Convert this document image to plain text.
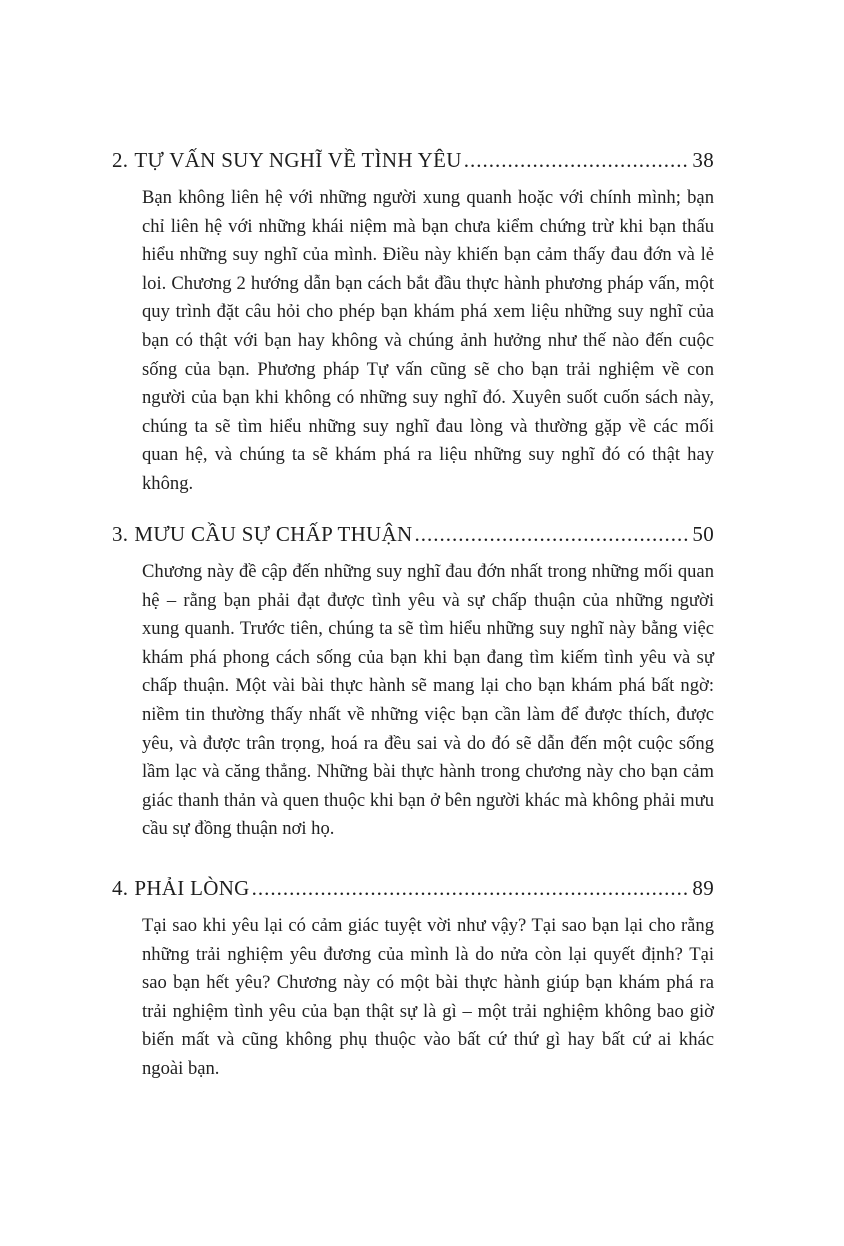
2. TỰ VẤN SUY NGHĨ VỀ TÌNH YÊU .....	38

Bạn không liên hệ với những người xung quanh hoặc với chính mình; bạn chỉ liên hệ với những khái niệm mà bạn chưa kiểm chứng trừ khi bạn thấu hiểu những suy nghĩ của mình. Điều này khiến bạn cảm thấy đau đớn và lẻ loi. Chương 2 hướng dẫn bạn cách bắt đầu thực hành phương pháp vấn, một quy trình đặt câu hỏi cho phép bạn khám phá xem liệu những suy nghĩ của bạn có thật với bạn hay không và chúng ảnh hưởng như thế nào đến cuộc sống của bạn. Phương pháp Tự vấn cũng sẽ cho bạn trải nghiệm về con người của bạn khi không có những suy nghĩ đó. Xuyên suốt cuốn sách này, chúng ta sẽ tìm hiểu những suy nghĩ đau lòng và thường gặp về các mối quan hệ, và chúng ta sẽ khám phá ra liệu những suy nghĩ đó có thật hay không.

3. MƯU CẦU SỰ CHẤP THUẬN .....	50

Chương này đề cập đến những suy nghĩ đau đớn nhất trong những mối quan hệ – rằng bạn phải đạt được tình yêu và sự chấp thuận của những người xung quanh. Trước tiên, chúng ta sẽ tìm hiểu những suy nghĩ này bằng việc khám phá phong cách sống của bạn khi bạn đang tìm kiếm tình yêu và sự chấp thuận. Một vài bài thực hành sẽ mang lại cho bạn khám phá bất ngờ: niềm tin thường thấy nhất về những việc bạn cần làm để được thích, được yêu, và được trân trọng, hoá ra đều sai và do đó sẽ dẫn đến một cuộc sống lầm lạc và căng thẳng. Những bài thực hành trong chương này cho bạn cảm giác thanh thản và quen thuộc khi bạn ở bên người khác mà không phải mưu cầu sự đồng thuận nơi họ.

4. PHẢI LÒNG .....	89

Tại sao khi yêu lại có cảm giác tuyệt vời như vậy? Tại sao bạn lại cho rằng những trải nghiệm yêu đương của mình là do nửa còn lại quyết định? Tại sao bạn hết yêu? Chương này có một bài thực hành giúp bạn khám phá ra trải nghiệm tình yêu của bạn thật sự là gì – một trải nghiệm không bao giờ biến mất và cũng không phụ thuộc vào bất cứ thứ gì hay bất cứ ai khác ngoài bạn.
